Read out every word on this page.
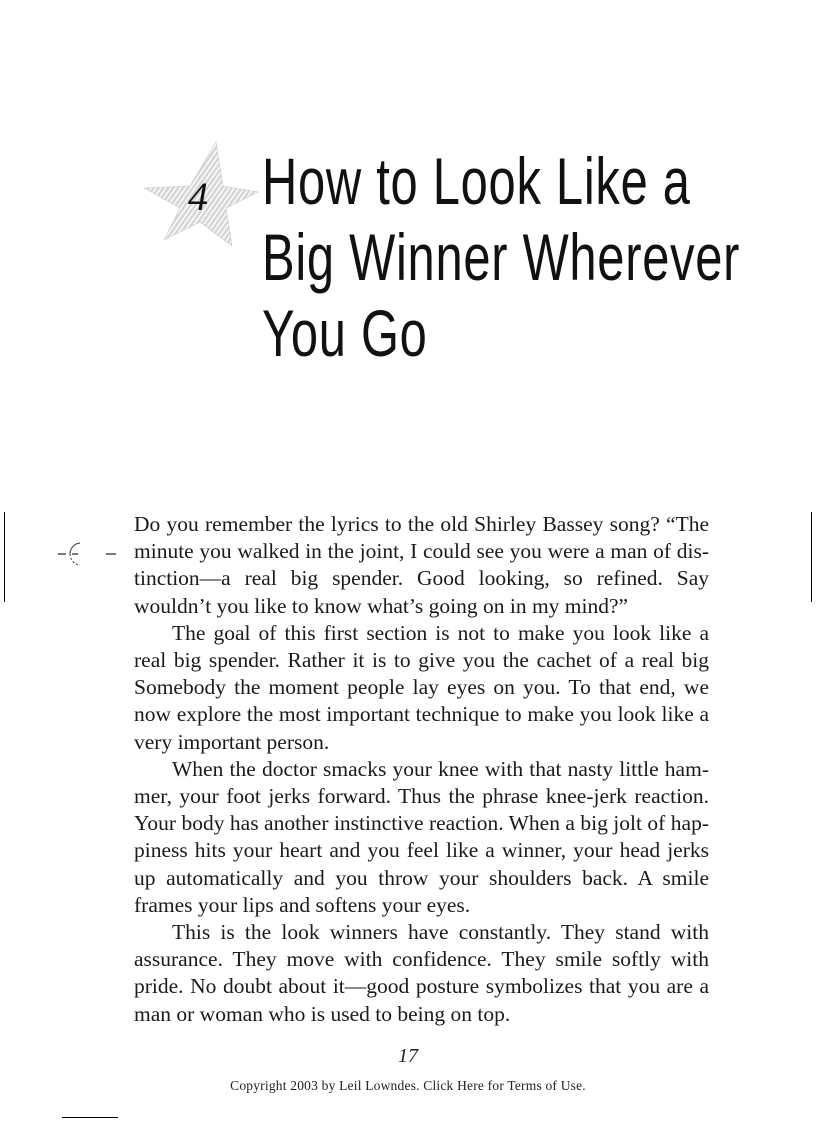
4 How to Look Like a
Big Winner Wherever
You Go

Do you remember the lyrics to the old Shirley Bassey song? “The minute you walked in the joint, I could see you were a man of distinction—a real big spender. Good looking, so refined. Say wouldn’t you like to know what’s going on in my mind?”

The goal of this first section is not to make you look like a real big spender. Rather it is to give you the cachet of a real big Somebody the moment people lay eyes on you. To that end, we now explore the most important technique to make you look like a very important person.

When the doctor smacks your knee with that nasty little hammer, your foot jerks forward. Thus the phrase knee-jerk reaction. Your body has another instinctive reaction. When a big jolt of happiness hits your heart and you feel like a winner, your head jerks up automatically and you throw your shoulders back. A smile frames your lips and softens your eyes.

This is the look winners have constantly. They stand with assurance. They move with confidence. They smile softly with pride. No doubt about it—good posture symbolizes that you are a man or woman who is used to being on top.

17
Copyright 2003 by Leil Lowndes. Click Here for Terms of Use.
